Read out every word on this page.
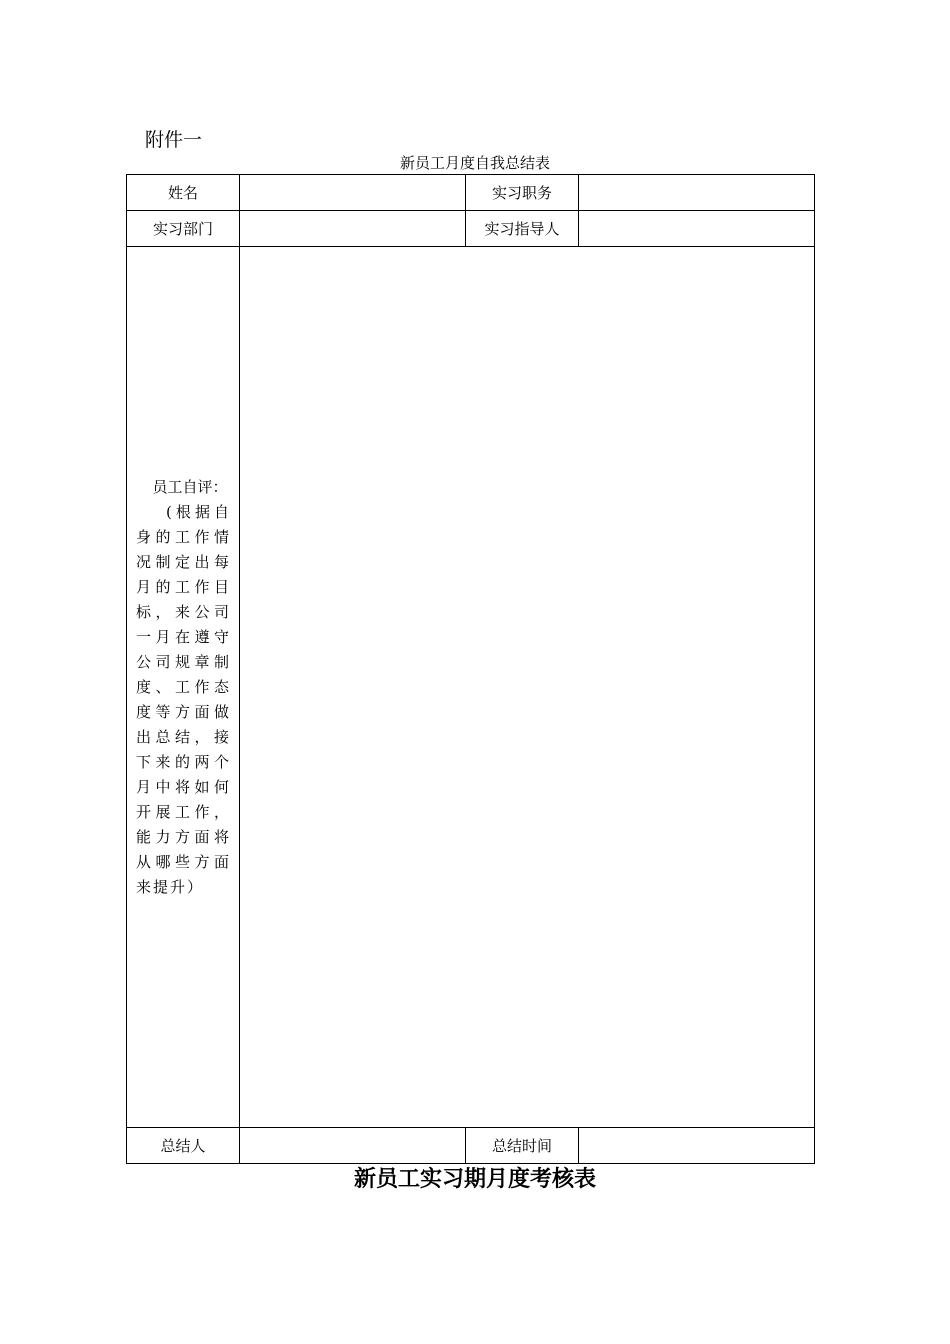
附件一
新员工月度自我总结表
姓名		实习职务	
实习部门		实习指导人	

员工自评：
(根据自身的工作情况制定出每月的工作目标，来公司一月在遵守公司规章制度、工作态度等方面做出总结，接下来的两个月中将如何开展工作，能力方面将从哪些方面来提升）			

总结人		总结时间	
新员工实习期月度考核表
